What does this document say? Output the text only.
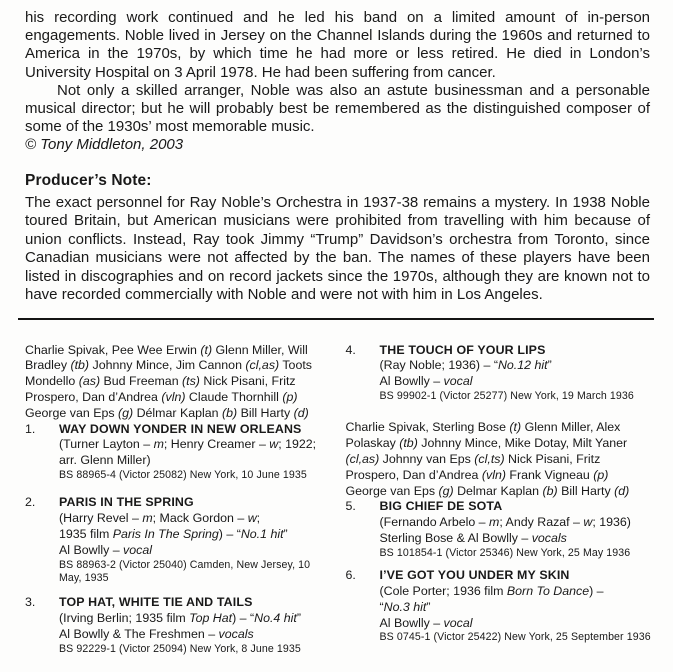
his recording work continued and he led his band on a limited amount of in-person engagements. Noble lived in Jersey on the Channel Islands during the 1960s and returned to America in the 1970s, by which time he had more or less retired. He died in London’s University Hospital on 3 April 1978. He had been suffering from cancer.

Not only a skilled arranger, Noble was also an astute businessman and a personable musical director; but he will probably best be remembered as the distinguished composer of some of the 1930s’ most memorable music.

© Tony Middleton, 2003

Producer’s Note:

The exact personnel for Ray Noble’s Orchestra in 1937-38 remains a mystery. In 1938 Noble toured Britain, but American musicians were prohibited from travelling with him because of union conflicts. Instead, Ray took Jimmy “Trump” Davidson’s orchestra from Toronto, since Canadian musicians were not affected by the ban. The names of these players have been listed in discographies and on record jackets since the 1970s, although they are known not to have recorded commercially with Noble and were not with him in Los Angeles.

Charlie Spivak, Pee Wee Erwin (t) Glenn Miller, Will
Bradley (tb) Johnny Mince, Jim Cannon (cl,as) Toots
Mondello (as) Bud Freeman (ts) Nick Pisani, Fritz
Prospero, Dan d’Andrea (vln) Claude Thornhill (p)
George van Eps (g) Délmar Kaplan (b) Bill Harty (d)
1.	WAY DOWN YONDER IN NEW ORLEANS
(Turner Layton – m; Henry Creamer – w; 1922;
arr. Glenn Miller)
BS 88965-4 (Victor 25082) New York, 10 June 1935
2.	PARIS IN THE SPRING
(Harry Revel – m; Mack Gordon – w;
1935 film Paris In The Spring) – “No.1 hit”
Al Bowlly – vocal
BS 88963-2 (Victor 25040) Camden, New Jersey, 10
May, 1935
3.	TOP HAT, WHITE TIE AND TAILS
(Irving Berlin; 1935 film Top Hat) – “No.4 hit”
Al Bowlly & The Freshmen – vocals
BS 92229-1 (Victor 25094) New York, 8 June 1935
4.	THE TOUCH OF YOUR LIPS
(Ray Noble; 1936) – “No.12 hit”
Al Bowlly – vocal
BS 99902-1 (Victor 25277) New York, 19 March 1936
Charlie Spivak, Sterling Bose (t) Glenn Miller, Alex
Polaskay (tb) Johnny Mince, Mike Dotay, Milt Yaner
(cl,as) Johnny van Eps (cl,ts) Nick Pisani, Fritz
Prospero, Dan d’Andrea (vln) Frank Vigneau (p)
George van Eps (g) Delmar Kaplan (b) Bill Harty (d)
5.	BIG CHIEF DE SOTA
(Fernando Arbelo – m; Andy Razaf – w; 1936)
Sterling Bose & Al Bowlly – vocals
BS 101854-1 (Victor 25346) New York, 25 May 1936
6.	I’VE GOT YOU UNDER MY SKIN
(Cole Porter; 1936 film Born To Dance) –
“No.3 hit”
Al Bowlly – vocal
BS 0745-1 (Victor 25422) New York, 25 September 1936
